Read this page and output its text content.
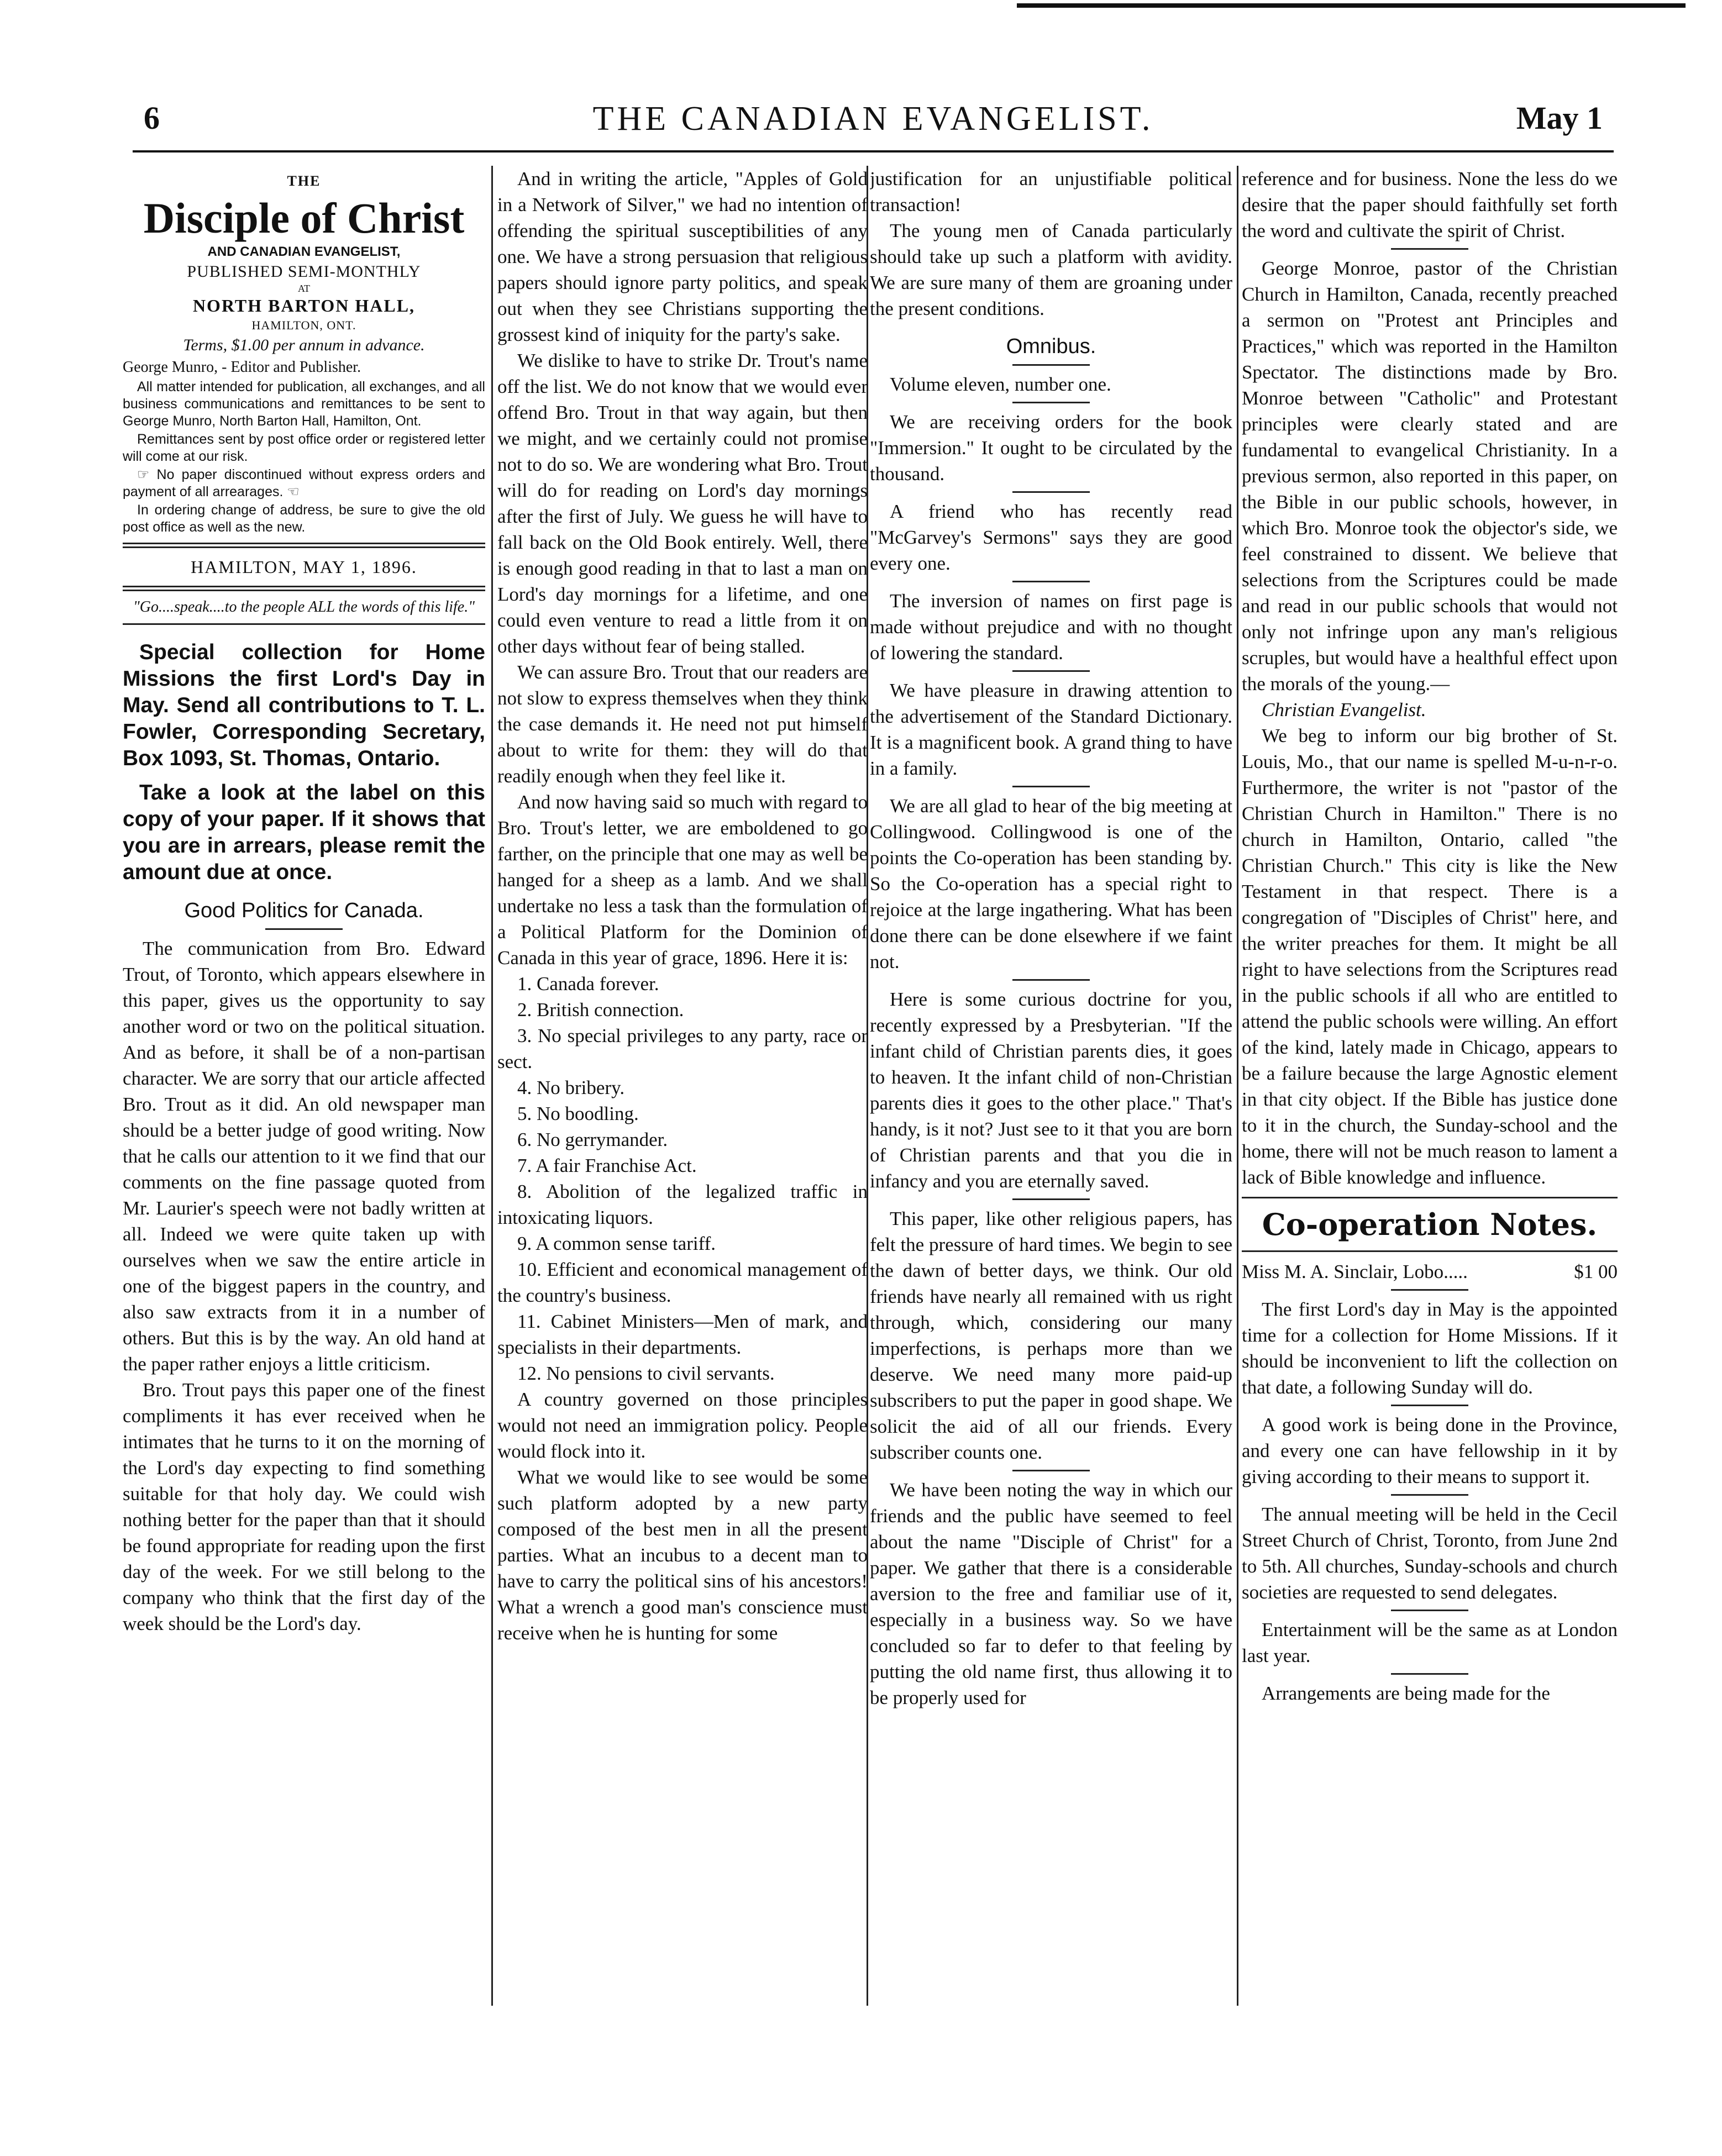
6	THE CANADIAN EVANGELIST.	May 1
THE
Disciple of Christ
AND CANADIAN EVANGELIST,
PUBLISHED SEMI-MONTHLY
AT
NORTH BARTON HALL,
HAMILTON, ONT.
Terms, $1.00 per annum in advance.
George Munro, - Editor and Publisher.

All matter intended for publication, all exchanges, and all business communications and remittances to be sent to George Munro, North Barton Hall, Hamilton, Ont.

Remittances sent by post office order or registered letter will come at our risk.

☞ No paper discontinued without express orders and payment of all arrearages. ☜

In ordering change of address, be sure to give the old post office as well as the new.

HAMILTON, MAY 1, 1896.
"Go....speak....to the people ALL the words of this life."

Special collection for Home Missions the first Lord's Day in May. Send all contributions to T. L. Fowler, Corresponding Secretary, Box 1093, St. Thomas, Ontario.

Take a look at the label on this copy of your paper. If it shows that you are in arrears, please remit the amount due at once.

Good Politics for Canada.

The communication from Bro. Edward Trout, of Toronto, which appears elsewhere in this paper, gives us the opportunity to say another word or two on the political situation. And as before, it shall be of a non-partisan character. We are sorry that our article affected Bro. Trout as it did. An old newspaper man should be a better judge of good writing. Now that he calls our attention to it we find that our comments on the fine passage quoted from Mr. Laurier's speech were not badly written at all. Indeed we were quite taken up with ourselves when we saw the entire article in one of the biggest papers in the country, and also saw extracts from it in a number of others. But this is by the way. An old hand at the paper rather enjoys a little criticism.

Bro. Trout pays this paper one of the finest compliments it has ever received when he intimates that he turns to it on the morning of the Lord's day expecting to find something suitable for that holy day. We could wish nothing better for the paper than that it should be found appropriate for reading upon the first day of the week. For we still belong to the company who think that the first day of the week should be the Lord's day.

And in writing the article, "Apples of Gold in a Network of Silver," we had no intention of offending the spiritual susceptibilities of any one. We have a strong persuasion that religious papers should ignore party politics, and speak out when they see Christians supporting the grossest kind of iniquity for the party's sake.

We dislike to have to strike Dr. Trout's name off the list. We do not know that we would ever offend Bro. Trout in that way again, but then we might, and we certainly could not promise not to do so. We are wondering what Bro. Trout will do for reading on Lord's day mornings after the first of July. We guess he will have to fall back on the Old Book entirely. Well, there is enough good reading in that to last a man on Lord's day mornings for a lifetime, and one could even venture to read a little from it on other days without fear of being stalled.

We can assure Bro. Trout that our readers are not slow to express themselves when they think the case demands it. He need not put himself about to write for them: they will do that readily enough when they feel like it.

And now having said so much with regard to Bro. Trout's letter, we are emboldened to go farther, on the principle that one may as well be hanged for a sheep as a lamb. And we shall undertake no less a task than the formulation of a Political Platform for the Dominion of Canada in this year of grace, 1896. Here it is:

1. Canada forever.
2. British connection.
3. No special privileges to any party, race or sect.
4. No bribery.
5. No boodling.
6. No gerrymander.
7. A fair Franchise Act.
8. Abolition of the legalized traffic in intoxicating liquors.
9. A common sense tariff.
10. Efficient and economical management of the country's business.
11. Cabinet Ministers—Men of mark, and specialists in their departments.
12. No pensions to civil servants.

A country governed on those principles would not need an immigration policy. People would flock into it.

What we would like to see would be some such platform adopted by a new party composed of the best men in all the present parties. What an incubus to a decent man to have to carry the political sins of his ancestors! What a wrench a good man's conscience must receive when he is hunting for some

justification for an unjustifiable political transaction!

The young men of Canada particularly should take up such a platform with avidity. We are sure many of them are groaning under the present conditions.

Omnibus.

Volume eleven, number one.

We are receiving orders for the book "Immersion." It ought to be circulated by the thousand.

A friend who has recently read "McGarvey's Sermons" says they are good every one.

The inversion of names on first page is made without prejudice and with no thought of lowering the standard.

We have pleasure in drawing attention to the advertisement of the Standard Dictionary. It is a magnificent book. A grand thing to have in a family.

We are all glad to hear of the big meeting at Collingwood. Collingwood is one of the points the Co-operation has been standing by. So the Co-operation has a special right to rejoice at the large ingathering. What has been done there can be done elsewhere if we faint not.

Here is some curious doctrine for you, recently expressed by a Presbyterian. "If the infant child of Christian parents dies, it goes to heaven. It the infant child of non-Christian parents dies it goes to the other place." That's handy, is it not? Just see to it that you are born of Christian parents and that you die in infancy and you are eternally saved.

This paper, like other religious papers, has felt the pressure of hard times. We begin to see the dawn of better days, we think. Our old friends have nearly all remained with us right through, which, considering our many imperfections, is perhaps more than we deserve. We need many more paid-up subscribers to put the paper in good shape. We solicit the aid of all our friends. Every subscriber counts one.

We have been noting the way in which our friends and the public have seemed to feel about the name "Disciple of Christ" for a paper. We gather that there is a considerable aversion to the free and familiar use of it, especially in a business way. So we have concluded so far to defer to that feeling by putting the old name first, thus allowing it to be properly used for

reference and for business. None the less do we desire that the paper should faithfully set forth the word and cultivate the spirit of Christ.

George Monroe, pastor of the Christian Church in Hamilton, Canada, recently preached a sermon on "Protest ant Principles and Practices," which was reported in the Hamilton Spectator. The distinctions made by Bro. Monroe between "Catholic" and Protestant principles were clearly stated and are fundamental to evangelical Christianity. In a previous sermon, also reported in this paper, on the Bible in our public schools, however, in which Bro. Monroe took the objector's side, we feel constrained to dissent. We believe that selections from the Scriptures could be made and read in our public schools that would not only not infringe upon any man's religious scruples, but would have a healthful effect upon the morals of the young.—

Christian Evangelist.

We beg to inform our big brother of St. Louis, Mo., that our name is spelled M-u-n-r-o. Furthermore, the writer is not "pastor of the Christian Church in Hamilton." There is no church in Hamilton, Ontario, called "the Christian Church." This city is like the New Testament in that respect. There is a congregation of "Disciples of Christ" here, and the writer preaches for them. It might be all right to have selections from the Scriptures read in the public schools if all who are entitled to attend the public schools were willing. An effort of the kind, lately made in Chicago, appears to be a failure because the large Agnostic element in that city object. If the Bible has justice done to it in the church, the Sunday-school and the home, there will not be much reason to lament a lack of Bible knowledge and influence.

Co-operation Notes.
Miss M. A. Sinclair, Lobo.....	$1 00

The first Lord's day in May is the appointed time for a collection for Home Missions. If it should be inconvenient to lift the collection on that date, a following Sunday will do.

A good work is being done in the Province, and every one can have fellowship in it by giving according to their means to support it.

The annual meeting will be held in the Cecil Street Church of Christ, Toronto, from June 2nd to 5th. All churches, Sunday-schools and church societies are requested to send delegates.

Entertainment will be the same as at London last year.

Arrangements are being made for the
